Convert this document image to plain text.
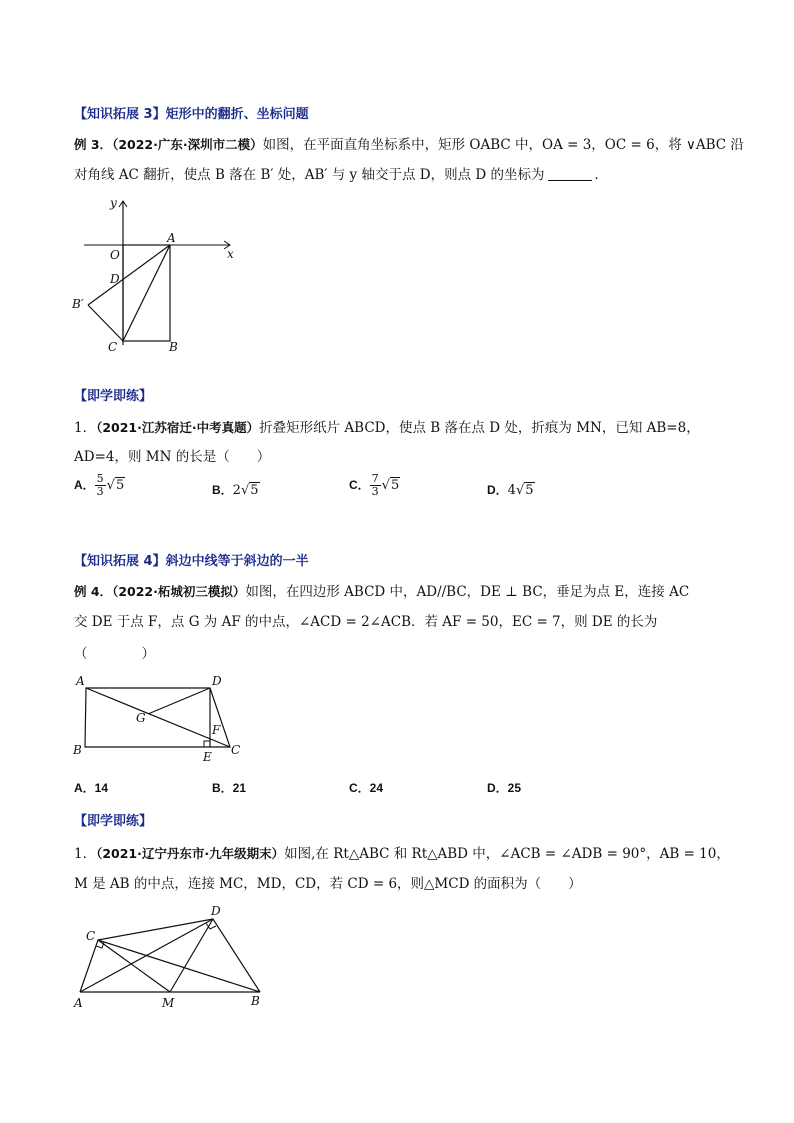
【知识拓展 3】矩形中的翻折、坐标问题
例 3．（2022·广东·深圳市二模）如图，在平面直角坐标系中，矩形 OABC 中，OA = 3，OC = 6，将 ∨ABC 沿
对角线 AC 翻折，使点 B 落在 B′ 处，AB′ 与 y 轴交于点 D，则点 D 的坐标为	．
y
x
O
A
D
B′
C	B
【即学即练】
1．（2021·江苏宿迁·中考真题）折叠矩形纸片 ABCD，使点 B 落在点 D 处，折痕为 MN，已知 AB=8，
AD=4，则 MN 的长是（　　）
A． $\frac{5}{3} √5$	B．2√5	C． $\frac{7}{3} √5$	D．4√5
【知识拓展 4】斜边中线等于斜边的一半
例 4．（2022·柘城初三模拟）如图，在四边形 ABCD 中，AD//BC，DE ⊥ BC，垂足为点 E，连接 AC
交 DE 于点 F，点 G 为 AF 的中点，∠ACD = 2∠ACB．若 AF = 50，EC = 7，则 DE 的长为
（　　　　）
A	D
G
F
B	E C
A．14	B．21	C．24	D．25
【即学即练】
1．（2021·辽宁丹东市·九年级期末）如图,在 Rt△ABC 和 Rt△ABD 中，∠ACB = ∠ADB = 90°，AB = 10，
M 是 AB 的中点，连接 MC，MD，CD，若 CD = 6，则△MCD 的面积为（　　）
C
D
A	M	B
